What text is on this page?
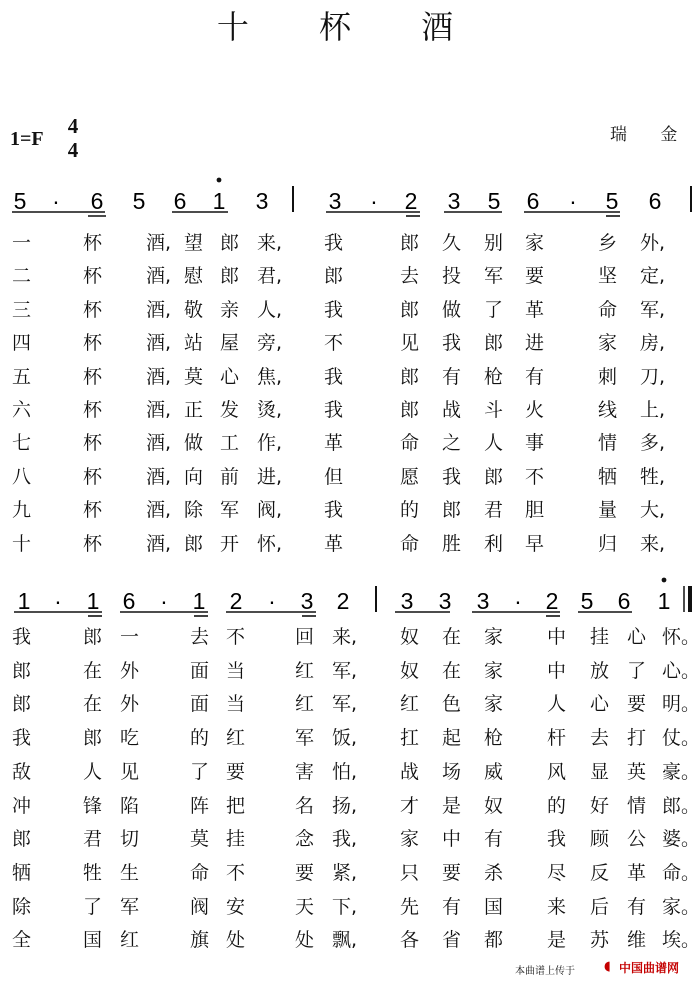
十 杯 酒
1=F
4
4
瑞 金
5 · 6 5 6 1 3	3 · 2 3 5 6 · 5 6
1 · 1 6 · 1 2 · 3 2 3 3 3 · 2 5 6 1
一	杯 酒, 望 郎 来, 我	郎 久 别 家	乡 外,
二	杯 酒, 慰 郎 君, 郎	去 投 军 要	坚 定,
三	杯 酒, 敬 亲 人, 我	郎 做 了 革	命 军,
四	杯 酒, 站 屋 旁, 不	见 我 郎 进	家 房,
五	杯 酒, 莫 心 焦, 我	郎 有 枪 有	刺 刀,
六	杯 酒, 正 发 烫, 我	郎 战 斗 火	线 上,
七	杯 酒, 做 工 作, 革	命 之 人 事	情 多,
八	杯 酒, 向 前 进, 但	愿 我 郎 不	牺 牲,
九	杯 酒, 除 军 阀, 我	的 郎 君 胆	量 大,
十	杯 酒, 郎 开 怀, 革	命 胜 利 早	归 来,
我	郎 一	去 不	回 来, 奴 在 家 中 挂 心 怀。
郎	在 外	面 当	红 军, 奴 在 家 中 放 了 心。
郎	在 外	面 当	红 军, 红 色 家 人 心 要 明。
我	郎 吃	的 红	军 饭, 扛 起 枪 杆 去 打 仗。
敌	人 见	了 要	害 怕, 战 场 威 风 显 英 豪。
冲	锋 陷	阵 把	名 扬, 才 是 奴 的 好 情 郎。
郎	君 切	莫 挂	念 我, 家 中 有 我 顾 公 婆。
牺	牲 生	命 不	要 紧, 只 要 杀 尽 反 革 命。
除	了 军	阀 安	天 下, 先 有 国 来 后 有 家。
全	国 红	旗 处	处 飘, 各 省 都 是 苏 维 埃。
本曲谱上传于 ◖ 中国曲谱网
